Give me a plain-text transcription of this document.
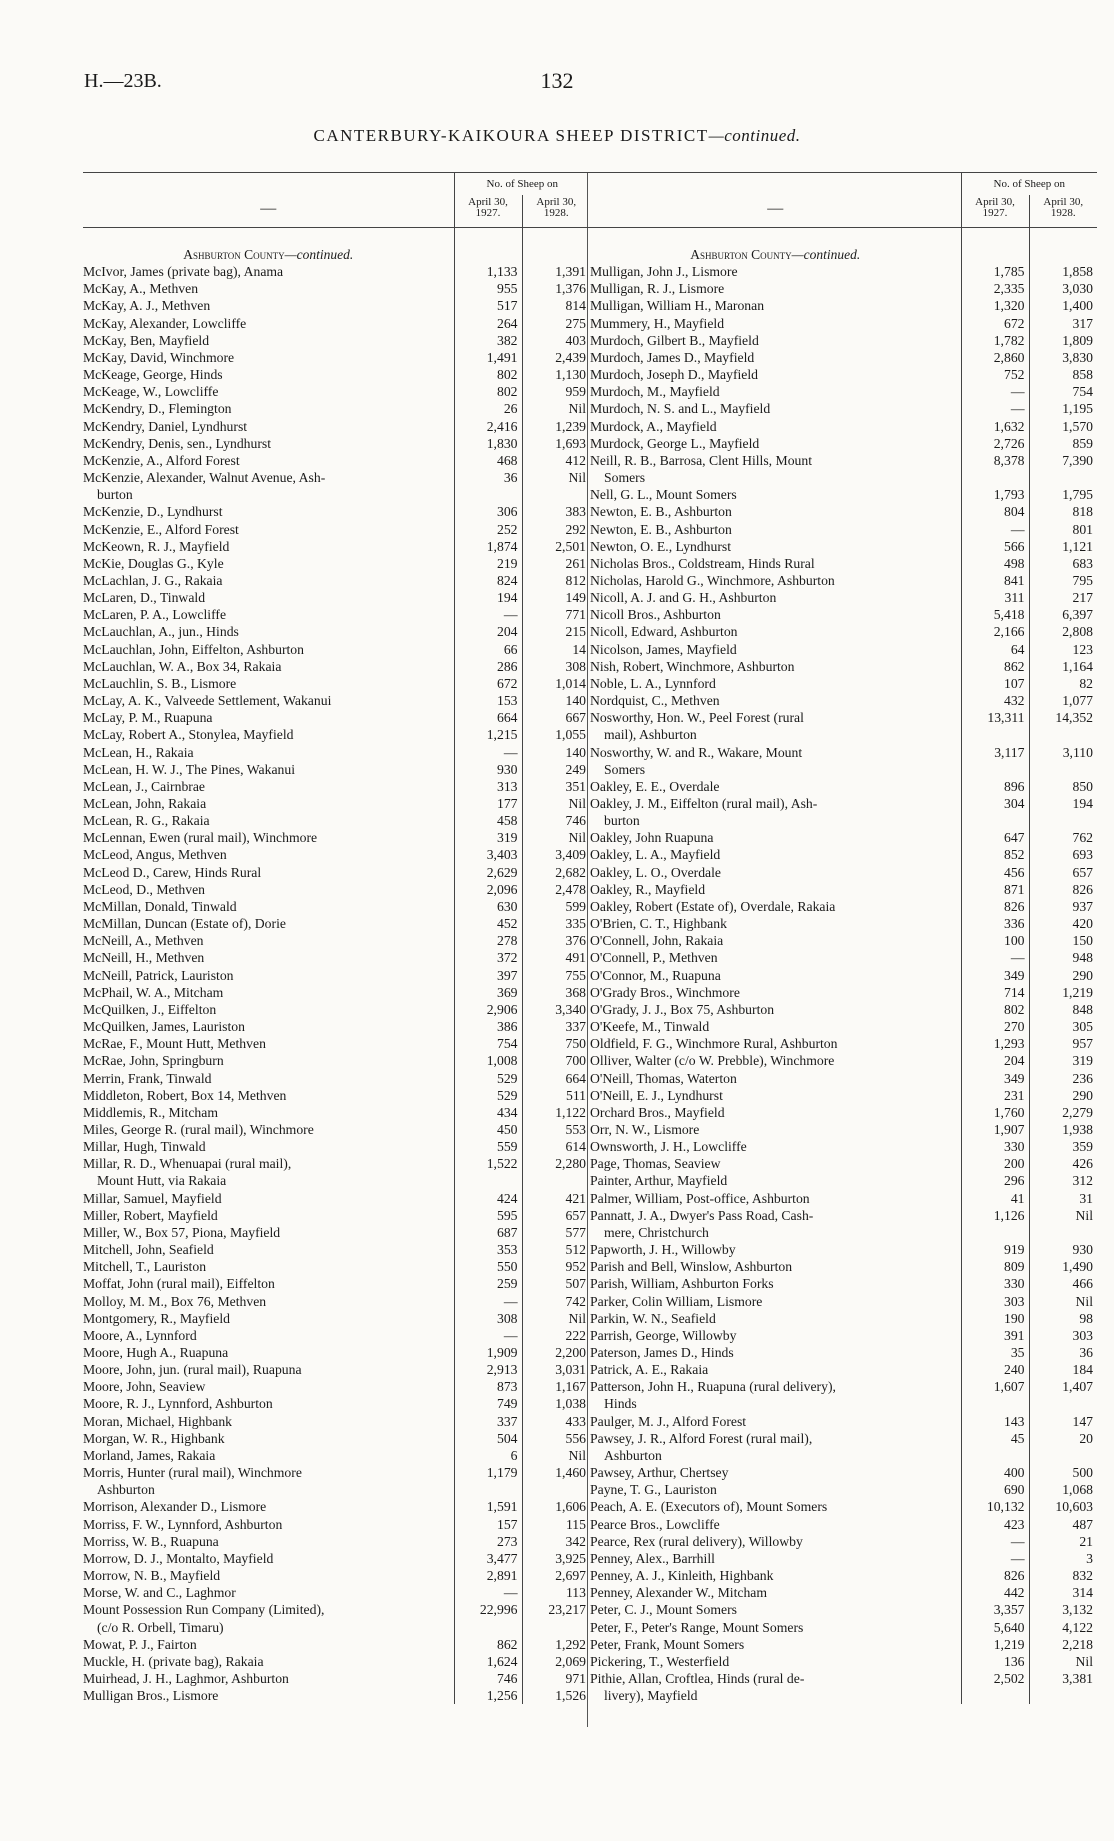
H.—23B.	132
CANTERBURY-KAIKOURA SHEEP DISTRICT—continued.
	No. of Sheep on	
—	April 30,
1927.	April 30,
1928.
Ashburton County—continued.		
McIvor, James (private bag), Anama	1,133	1,391
McKay, A., Methven	955	1,376
McKay, A. J., Methven	517	814
McKay, Alexander, Lowcliffe	264	275
McKay, Ben, Mayfield	382	403
McKay, David, Winchmore	1,491	2,439
McKeage, George, Hinds	802	1,130
McKeage, W., Lowcliffe	802	959
McKendry, D., Flemington	26	Nil
McKendry, Daniel, Lyndhurst	2,416	1,239
McKendry, Denis, sen., Lyndhurst	1,830	1,693
McKenzie, A., Alford Forest	468	412
McKenzie, Alexander, Walnut Avenue, Ash-	36	Nil
burton		
McKenzie, D., Lyndhurst	306	383
McKenzie, E., Alford Forest	252	292
McKeown, R. J., Mayfield	1,874	2,501
McKie, Douglas G., Kyle	219	261
McLachlan, J. G., Rakaia	824	812
McLaren, D., Tinwald	194	149
McLaren, P. A., Lowcliffe	—	771
McLauchlan, A., jun., Hinds	204	215
McLauchlan, John, Eiffelton, Ashburton	66	14
McLauchlan, W. A., Box 34, Rakaia	286	308
McLauchlin, S. B., Lismore	672	1,014
McLay, A. K., Valveede Settlement, Wakanui	153	140
McLay, P. M., Ruapuna	664	667
McLay, Robert A., Stonylea, Mayfield	1,215	1,055
McLean, H., Rakaia	—	140
McLean, H. W. J., The Pines, Wakanui	930	249
McLean, J., Cairnbrae	313	351
McLean, John, Rakaia	177	Nil
McLean, R. G., Rakaia	458	746
McLennan, Ewen (rural mail), Winchmore	319	Nil
McLeod, Angus, Methven	3,403	3,409
McLeod D., Carew, Hinds Rural	2,629	2,682
McLeod, D., Methven	2,096	2,478
McMillan, Donald, Tinwald	630	599
McMillan, Duncan (Estate of), Dorie	452	335
McNeill, A., Methven	278	376
McNeill, H., Methven	372	491
McNeill, Patrick, Lauriston	397	755
McPhail, W. A., Mitcham	369	368
McQuilken, J., Eiffelton	2,906	3,340
McQuilken, James, Lauriston	386	337
McRae, F., Mount Hutt, Methven	754	750
McRae, John, Springburn	1,008	700
Merrin, Frank, Tinwald	529	664
Middleton, Robert, Box 14, Methven	529	511
Middlemis, R., Mitcham	434	1,122
Miles, George R. (rural mail), Winchmore	450	553
Millar, Hugh, Tinwald	559	614
Millar, R. D., Whenuapai (rural mail),	1,522	2,280
Mount Hutt, via Rakaia		
Millar, Samuel, Mayfield	424	421
Miller, Robert, Mayfield	595	657
Miller, W., Box 57, Piona, Mayfield	687	577
Mitchell, John, Seafield	353	512
Mitchell, T., Lauriston	550	952
Moffat, John (rural mail), Eiffelton	259	507
Molloy, M. M., Box 76, Methven	—	742
Montgomery, R., Mayfield	308	Nil
Moore, A., Lynnford	—	222
Moore, Hugh A., Ruapuna	1,909	2,200
Moore, John, jun. (rural mail), Ruapuna	2,913	3,031
Moore, John, Seaview	873	1,167
Moore, R. J., Lynnford, Ashburton	749	1,038
Moran, Michael, Highbank	337	433
Morgan, W. R., Highbank	504	556
Morland, James, Rakaia	6	Nil
Morris, Hunter (rural mail), Winchmore	1,179	1,460
Ashburton		
Morrison, Alexander D., Lismore	1,591	1,606
Morriss, F. W., Lynnford, Ashburton	157	115
Morriss, W. B., Ruapuna	273	342
Morrow, D. J., Montalto, Mayfield	3,477	3,925
Morrow, N. B., Mayfield	2,891	2,697
Morse, W. and C., Laghmor	—	113
Mount Possession Run Company (Limited),	22,996	23,217
(c/o R. Orbell, Timaru)		
Mowat, P. J., Fairton	862	1,292
Muckle, H. (private bag), Rakaia	1,624	2,069
Muirhead, J. H., Laghmor, Ashburton	746	971
Mulligan Bros., Lismore	1,256	1,526
	No. of Sheep on	
—	April 30,
1927.	April 30,
1928.
Ashburton County—continued.		
Mulligan, John J., Lismore	1,785	1,858
Mulligan, R. J., Lismore	2,335	3,030
Mulligan, William H., Maronan	1,320	1,400
Mummery, H., Mayfield	672	317
Murdoch, Gilbert B., Mayfield	1,782	1,809
Murdoch, James D., Mayfield	2,860	3,830
Murdoch, Joseph D., Mayfield	752	858
Murdoch, M., Mayfield	—	754
Murdoch, N. S. and L., Mayfield	—	1,195
Murdock, A., Mayfield	1,632	1,570
Murdock, George L., Mayfield	2,726	859
Neill, R. B., Barrosa, Clent Hills, Mount	8,378	7,390
Somers		
Nell, G. L., Mount Somers	1,793	1,795
Newton, E. B., Ashburton	804	818
Newton, E. B., Ashburton	—	801
Newton, O. E., Lyndhurst	566	1,121
Nicholas Bros., Coldstream, Hinds Rural	498	683
Nicholas, Harold G., Winchmore, Ashburton	841	795
Nicoll, A. J. and G. H., Ashburton	311	217
Nicoll Bros., Ashburton	5,418	6,397
Nicoll, Edward, Ashburton	2,166	2,808
Nicolson, James, Mayfield	64	123
Nish, Robert, Winchmore, Ashburton	862	1,164
Noble, L. A., Lynnford	107	82
Nordquist, C., Methven	432	1,077
Nosworthy, Hon. W., Peel Forest (rural	13,311	14,352
mail), Ashburton		
Nosworthy, W. and R., Wakare, Mount	3,117	3,110
Somers		
Oakley, E. E., Overdale	896	850
Oakley, J. M., Eiffelton (rural mail), Ash-	304	194
burton		
Oakley, John Ruapuna	647	762
Oakley, L. A., Mayfield	852	693
Oakley, L. O., Overdale	456	657
Oakley, R., Mayfield	871	826
Oakley, Robert (Estate of), Overdale, Rakaia	826	937
O'Brien, C. T., Highbank	336	420
O'Connell, John, Rakaia	100	150
O'Connell, P., Methven	—	948
O'Connor, M., Ruapuna	349	290
O'Grady Bros., Winchmore	714	1,219
O'Grady, J. J., Box 75, Ashburton	802	848
O'Keefe, M., Tinwald	270	305
Oldfield, F. G., Winchmore Rural, Ashburton	1,293	957
Olliver, Walter (c/o W. Prebble), Winchmore	204	319
O'Neill, Thomas, Waterton	349	236
O'Neill, E. J., Lyndhurst	231	290
Orchard Bros., Mayfield	1,760	2,279
Orr, N. W., Lismore	1,907	1,938
Ownsworth, J. H., Lowcliffe	330	359
Page, Thomas, Seaview	200	426
Painter, Arthur, Mayfield	296	312
Palmer, William, Post-office, Ashburton	41	31
Pannatt, J. A., Dwyer's Pass Road, Cash-	1,126	Nil
mere, Christchurch		
Papworth, J. H., Willowby	919	930
Parish and Bell, Winslow, Ashburton	809	1,490
Parish, William, Ashburton Forks	330	466
Parker, Colin William, Lismore	303	Nil
Parkin, W. N., Seafield	190	98
Parrish, George, Willowby	391	303
Paterson, James D., Hinds	35	36
Patrick, A. E., Rakaia	240	184
Patterson, John H., Ruapuna (rural delivery),	1,607	1,407
Hinds		
Paulger, M. J., Alford Forest	143	147
Pawsey, J. R., Alford Forest (rural mail),	45	20
Ashburton		
Pawsey, Arthur, Chertsey	400	500
Payne, T. G., Lauriston	690	1,068
Peach, A. E. (Executors of), Mount Somers	10,132	10,603
Pearce Bros., Lowcliffe	423	487
Pearce, Rex (rural delivery), Willowby	—	21
Penney, Alex., Barrhill	—	3
Penney, A. J., Kinleith, Highbank	826	832
Penney, Alexander W., Mitcham	442	314
Peter, C. J., Mount Somers	3,357	3,132
Peter, F., Peter's Range, Mount Somers	5,640	4,122
Peter, Frank, Mount Somers	1,219	2,218
Pickering, T., Westerfield	136	Nil
Pithie, Allan, Croftlea, Hinds (rural de-	2,502	3,381
livery), Mayfield		
